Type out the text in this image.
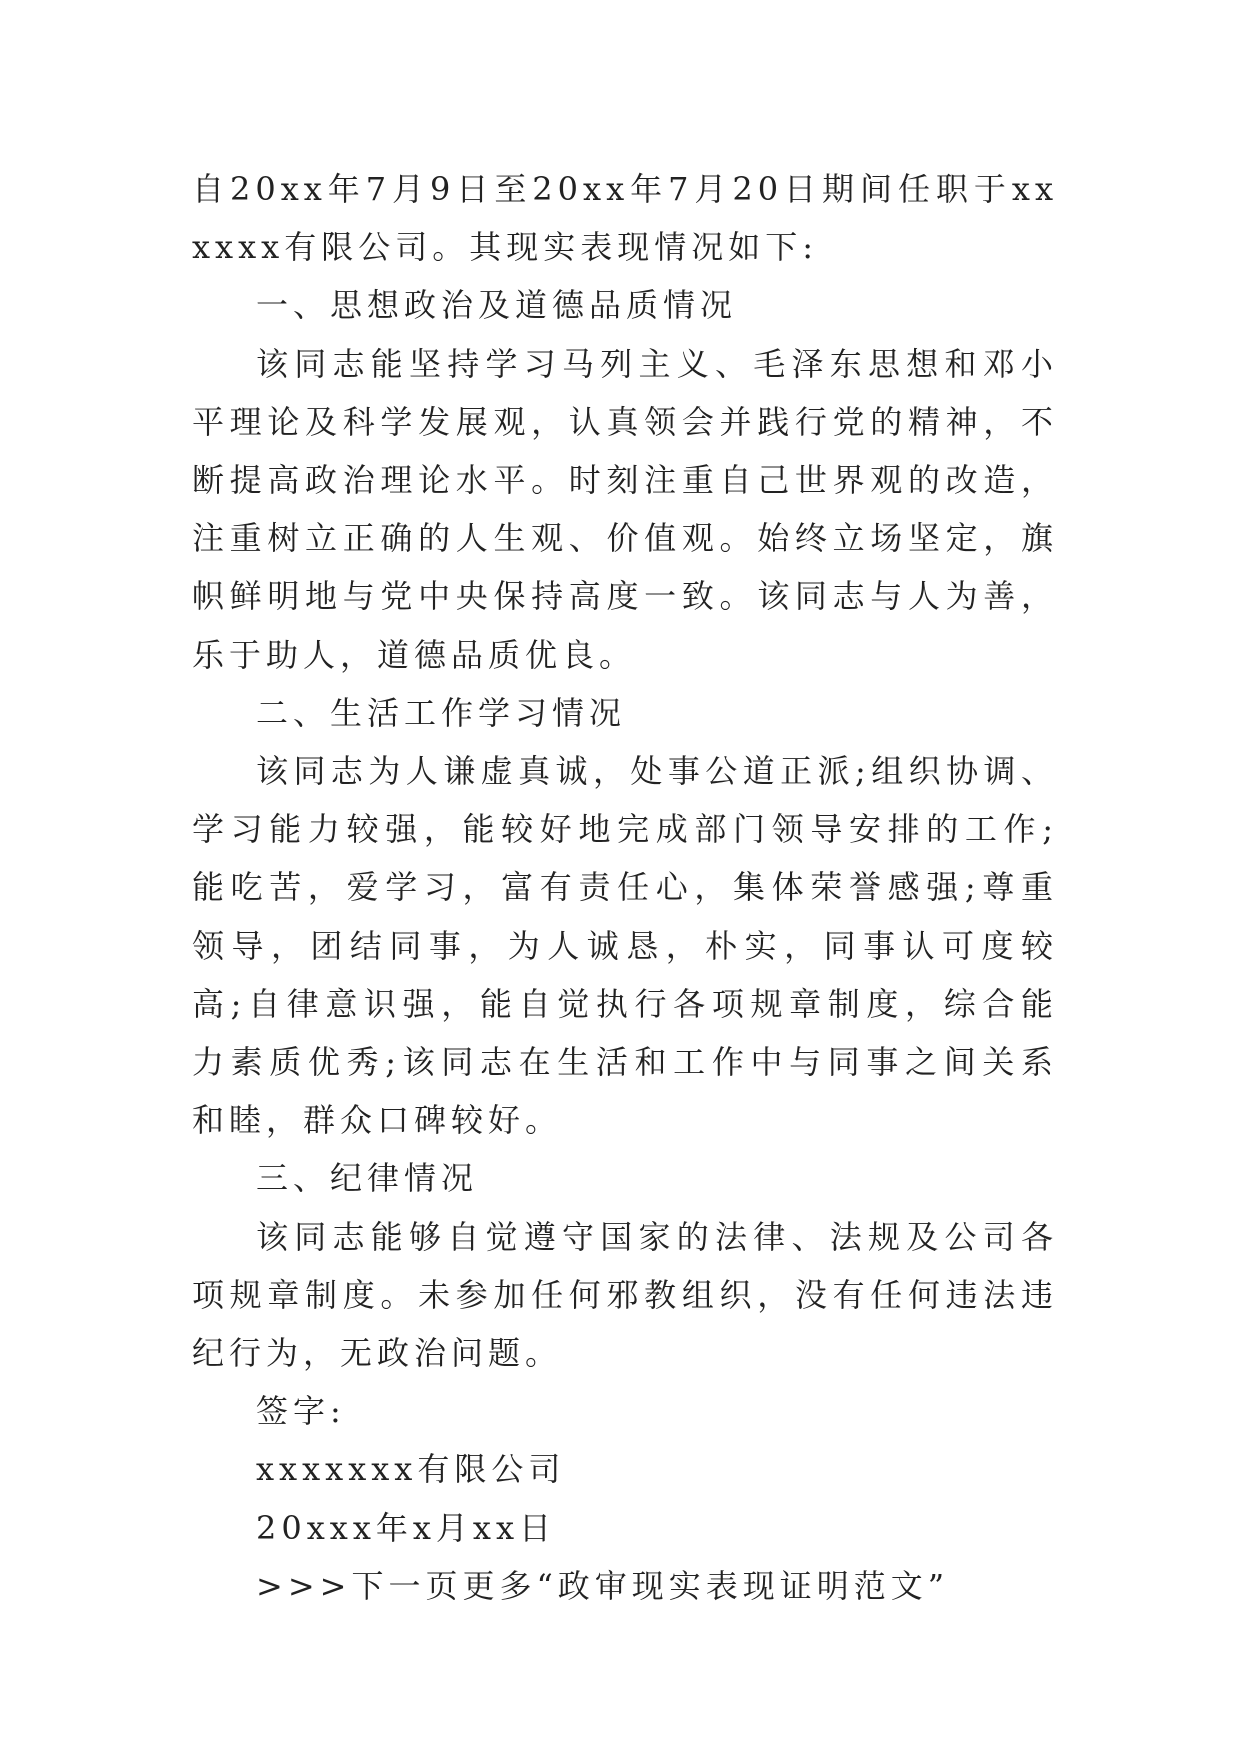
自20xx年7月9日至20xx年7月20日期间任职于xxxxxx有限公司。其现实表现情况如下:

一、思想政治及道德品质情况

该同志能坚持学习马列主义、毛泽东思想和邓小平理论及科学发展观，认真领会并践行党的精神，不断提高政治理论水平。时刻注重自己世界观的改造，注重树立正确的人生观、价值观。始终立场坚定，旗帜鲜明地与党中央保持高度一致。该同志与人为善，乐于助人，道德品质优良。

二、生活工作学习情况

该同志为人谦虚真诚，处事公道正派;组织协调、学习能力较强，能较好地完成部门领导安排的工作;能吃苦，爱学习，富有责任心，集体荣誉感强;尊重领导，团结同事，为人诚恳，朴实，同事认可度较高;自律意识强，能自觉执行各项规章制度，综合能力素质优秀;该同志在生活和工作中与同事之间关系和睦，群众口碑较好。

三、纪律情况

该同志能够自觉遵守国家的法律、法规及公司各项规章制度。未参加任何邪教组织，没有任何违法违纪行为，无政治问题。

签字:

xxxxxxx有限公司

20xxx年x月xx日

>>>下一页更多“政审现实表现证明范文”
